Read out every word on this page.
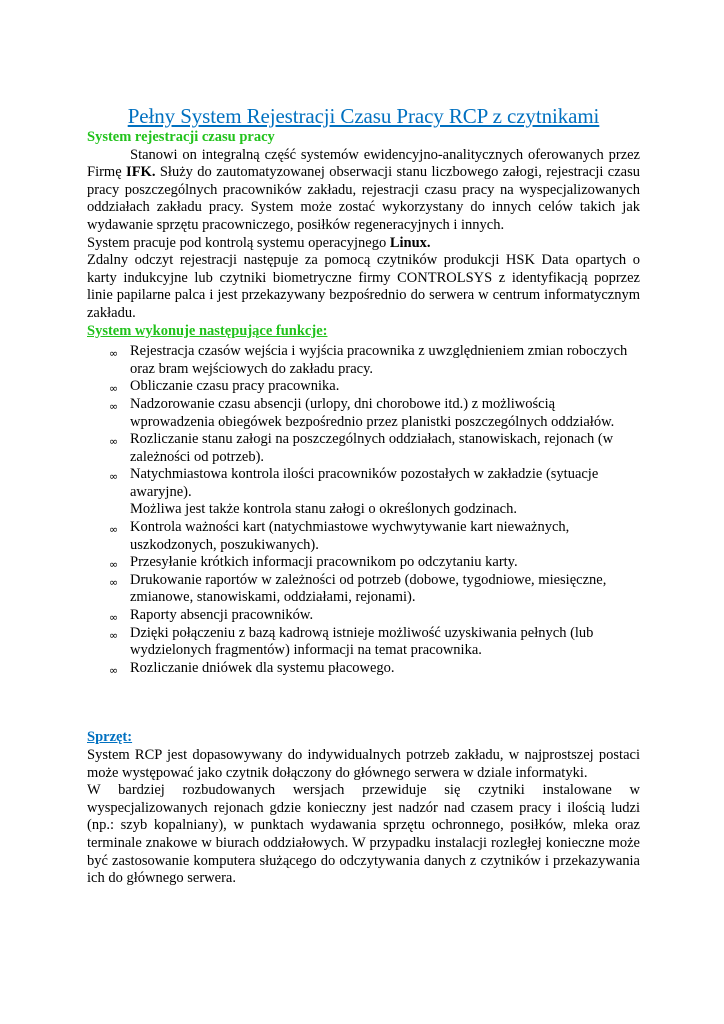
Pełny System Rejestracji Czasu Pracy RCP z czytnikami

System rejestracji czasu pracy

Stanowi on integralną część systemów ewidencyjno-analitycznych oferowanych przez Firmę IFK. Służy do zautomatyzowanej obserwacji stanu liczbowego załogi, rejestracji czasu pracy poszczególnych pracowników zakładu, rejestracji czasu pracy na wyspecjalizowanych oddziałach zakładu pracy. System może zostać wykorzystany do innych celów takich jak wydawanie sprzętu pracowniczego, posiłków regeneracyjnych i innych.

System pracuje pod kontrolą systemu operacyjnego Linux.

Zdalny odczyt rejestracji następuje za pomocą czytników produkcji HSK Data opartych o karty indukcyjne lub czytniki biometryczne firmy CONTROLSYS z identyfikacją poprzez linie papilarne palca i jest przekazywany bezpośrednio do serwera w centrum informatycznym zakładu.

System wykonuje następujące funkcje:

∞ Rejestracja czasów wejścia i wyjścia pracownika z uwzględnieniem zmian roboczych oraz bram wejściowych do zakładu pracy.
∞ Obliczanie czasu pracy pracownika.
∞ Nadzorowanie czasu absencji (urlopy, dni chorobowe itd.) z możliwością wprowadzenia obiegówek bezpośrednio przez planistki poszczególnych oddziałów.
∞ Rozliczanie stanu załogi na poszczególnych oddziałach, stanowiskach, rejonach (w zależności od potrzeb).
∞ Natychmiastowa kontrola ilości pracowników pozostałych w zakładzie (sytuacje awaryjne).
Możliwa jest także kontrola stanu załogi o określonych godzinach.
∞ Kontrola ważności kart (natychmiastowe wychwytywanie kart nieważnych, uszkodzonych, poszukiwanych).
∞ Przesyłanie krótkich informacji pracownikom po odczytaniu karty.
∞ Drukowanie raportów w zależności od potrzeb (dobowe, tygodniowe, miesięczne, zmianowe, stanowiskami, oddziałami, rejonami).
∞ Raporty absencji pracowników.
∞ Dzięki połączeniu z bazą kadrową istnieje możliwość uzyskiwania pełnych (lub wydzielonych fragmentów) informacji na temat pracownika.
∞ Rozliczanie dniówek dla systemu płacowego.

Sprzęt:

System RCP jest dopasowywany do indywidualnych potrzeb zakładu, w najprostszej postaci może występować jako czytnik dołączony do głównego serwera w dziale informatyki.

W bardziej rozbudowanych wersjach przewiduje się czytniki instalowane w wyspecjalizowanych rejonach gdzie konieczny jest nadzór nad czasem pracy i ilością ludzi (np.: szyb kopalniany), w punktach wydawania sprzętu ochronnego, posiłków, mleka oraz terminale znakowe w biurach oddziałowych. W przypadku instalacji rozległej konieczne może być zastosowanie komputera służącego do odczytywania danych z czytników i przekazywania ich do głównego serwera.
